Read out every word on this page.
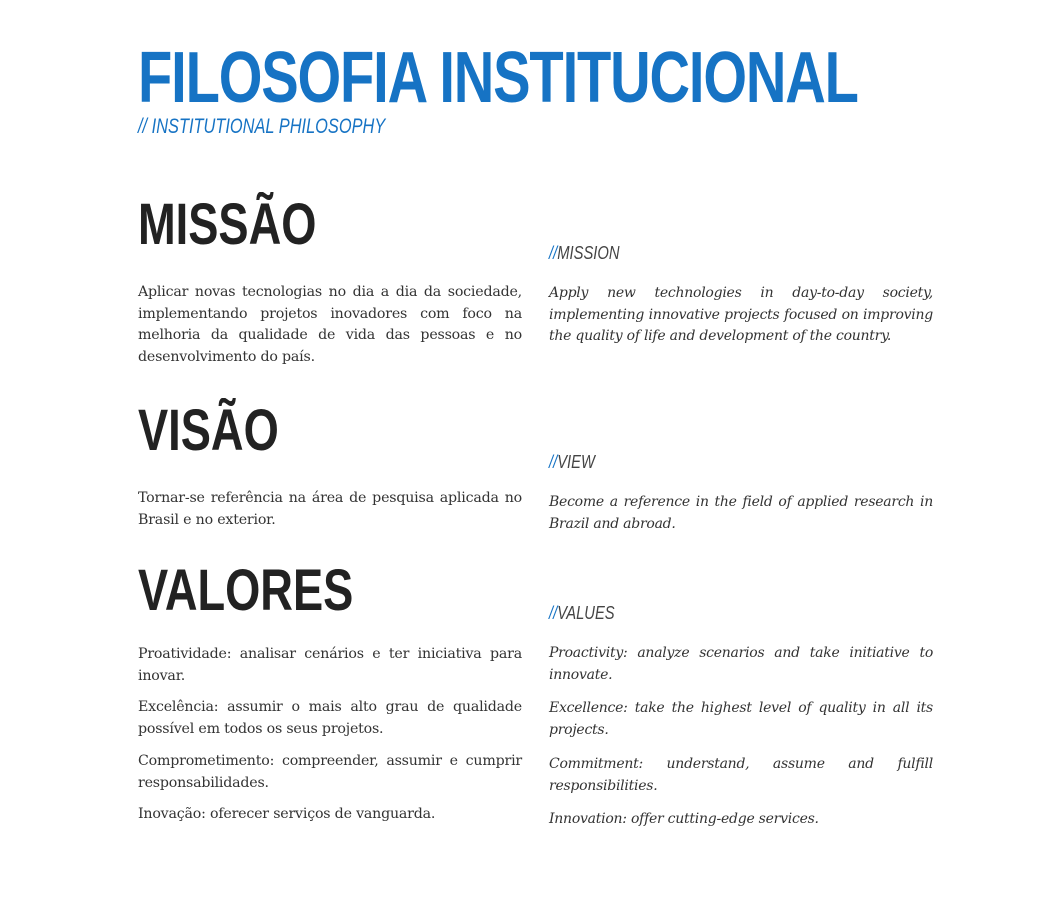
FILOSOFIA INSTITUCIONAL
// INSTITUTIONAL PHILOSOPHY
MISSÃO	//MISSION

Aplicar novas tecnologias no dia a dia da sociedade, implementando projetos inovadores com foco na melhoria da qualidade de vida das pessoas e no desenvolvimento do país.

Apply new technologies in day-to-day society, implementing innovative projects focused on improving the quality of life and development of the country.

VISÃO	//VIEW

Tornar-se referência na área de pesquisa aplicada no Brasil e no exterior.

Become a reference in the field of applied research in Brazil and abroad.

VALORES	//VALUES

Proatividade: analisar cenários e ter iniciativa para inovar.

Proactivity: analyze scenarios and take initiative to innovate.

Excelência: assumir o mais alto grau de qualidade possível em todos os seus projetos.

Excellence: take the highest level of quality in all its projects.

Comprometimento: compreender, assumir e cumprir responsabilidades.

Commitment: understand, assume and fulfill responsibilities.

Inovação: oferecer serviços de vanguarda.	Innovation: offer cutting-edge services.
